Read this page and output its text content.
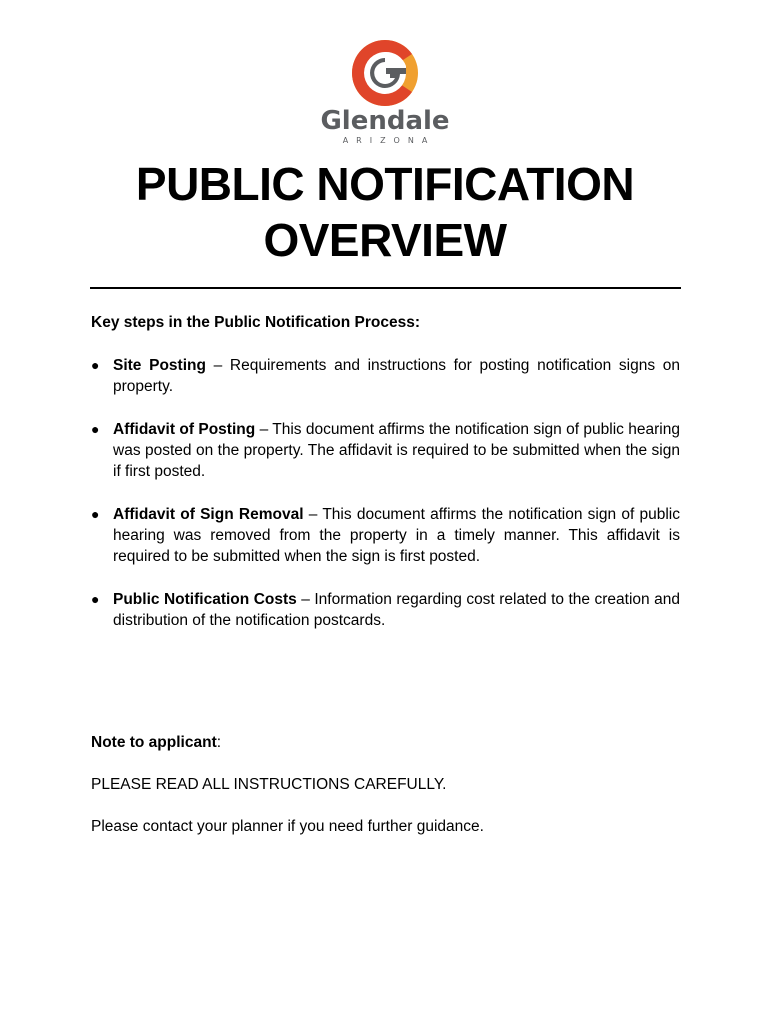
Glendale
ARIZONA
PUBLIC NOTIFICATION
OVERVIEW

Key steps in the Public Notification Process:

● Site Posting – Requirements and instructions for posting notification signs on property.
● Affidavit of Posting – This document affirms the notification sign of public hearing was posted on the property. The affidavit is required to be submitted when the sign if first posted.
● Affidavit of Sign Removal – This document affirms the notification sign of public hearing was removed from the property in a timely manner. This affidavit is required to be submitted when the sign is first posted.
● Public Notification Costs – Information regarding cost related to the creation and distribution of the notification postcards.

Note to applicant:

PLEASE READ ALL INSTRUCTIONS CAREFULLY.

Please contact your planner if you need further guidance.
